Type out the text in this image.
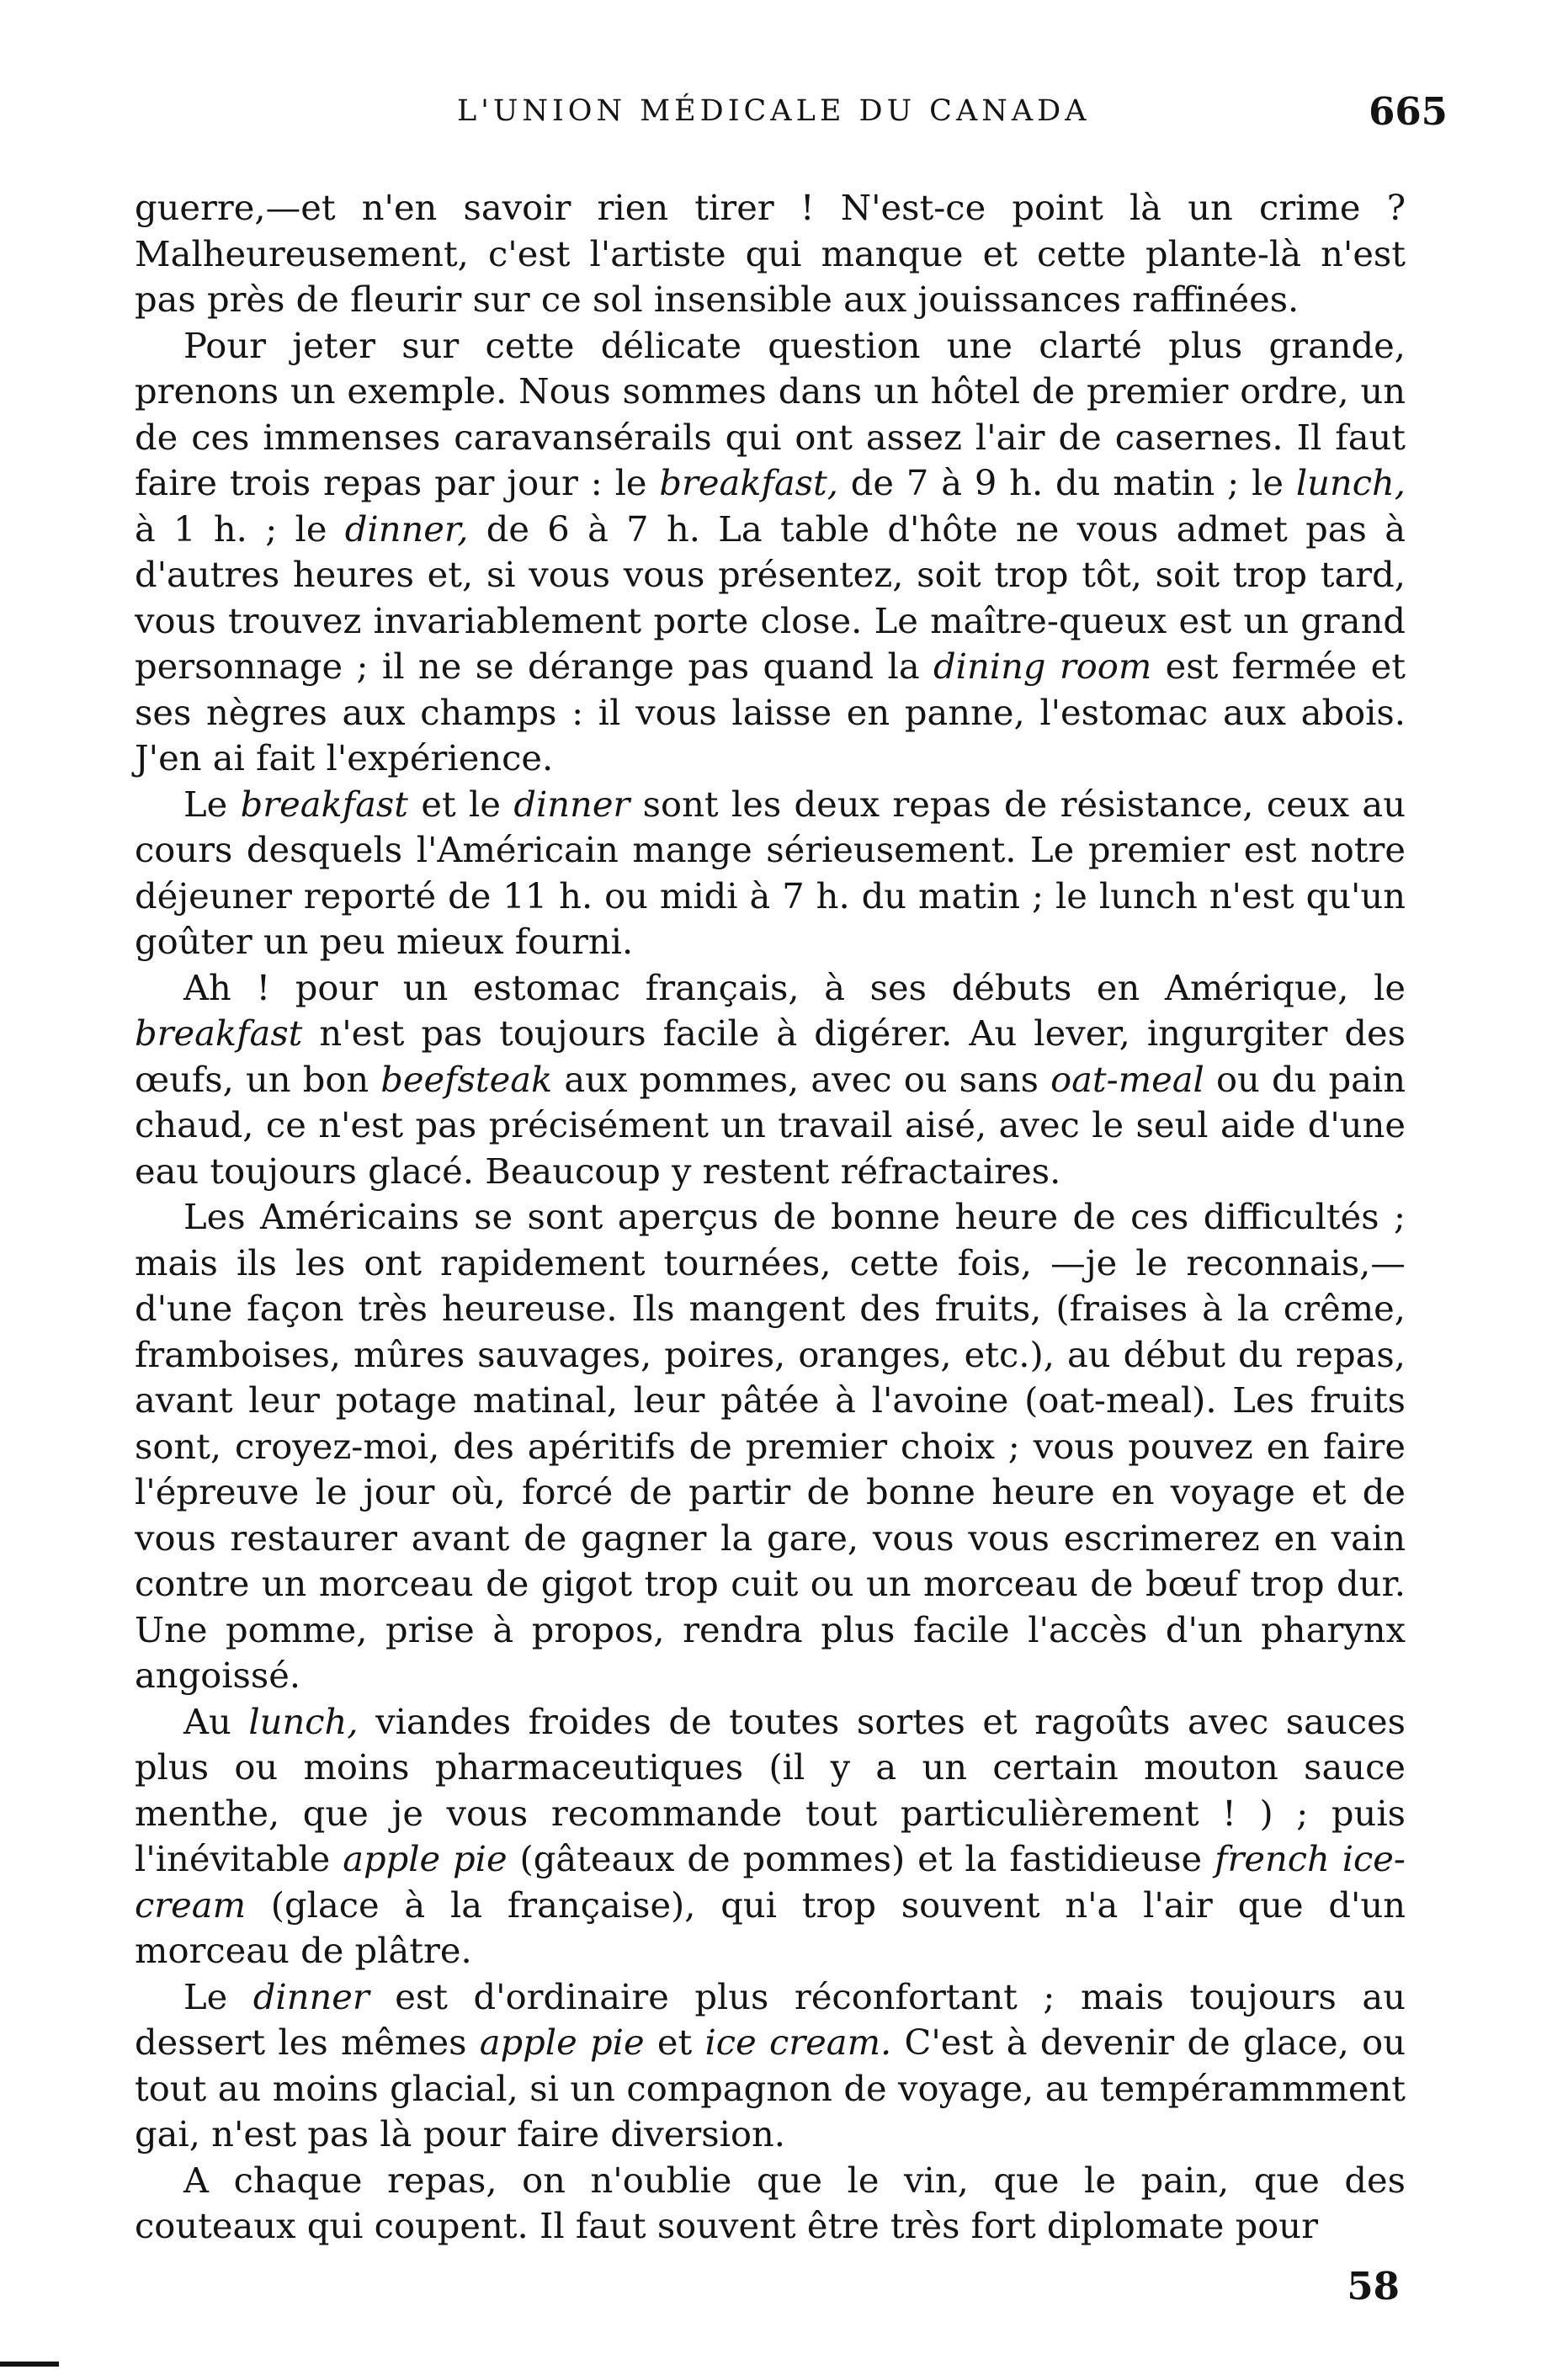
L'UNION MÉDICALE DU CANADA	665

guerre,—et n'en savoir rien tirer ! N'est-ce point là un crime ? Malheureusement, c'est l'artiste qui manque et cette plante-là n'est pas près de fleurir sur ce sol insensible aux jouissances raffinées.

Pour jeter sur cette délicate question une clarté plus grande, prenons un exemple. Nous sommes dans un hôtel de premier ordre, un de ces immenses caravansérails qui ont assez l'air de casernes. Il faut faire trois repas par jour : le breakfast, de 7 à 9 h. du matin ; le lunch, à 1 h. ; le dinner, de 6 à 7 h. La table d'hôte ne vous admet pas à d'autres heures et, si vous vous présentez, soit trop tôt, soit trop tard, vous trouvez invariablement porte close. Le maître-queux est un grand personnage ; il ne se dérange pas quand la dining room est fermée et ses nègres aux champs : il vous laisse en panne, l'estomac aux abois. J'en ai fait l'expérience.

Le breakfast et le dinner sont les deux repas de résistance, ceux au cours desquels l'Américain mange sérieusement. Le premier est notre déjeuner reporté de 11 h. ou midi à 7 h. du matin ; le lunch n'est qu'un goûter un peu mieux fourni.

Ah ! pour un estomac français, à ses débuts en Amérique, le breakfast n'est pas toujours facile à digérer. Au lever, ingurgiter des œufs, un bon beefsteak aux pommes, avec ou sans oat-meal ou du pain chaud, ce n'est pas précisément un travail aisé, avec le seul aide d'une eau toujours glacé. Beaucoup y restent réfractaires.

Les Américains se sont aperçus de bonne heure de ces difficultés ; mais ils les ont rapidement tournées, cette fois, —je le reconnais,—d'une façon très heureuse. Ils mangent des fruits, (fraises à la crême, framboises, mûres sauvages, poires, oranges, etc.), au début du repas, avant leur potage matinal, leur pâtée à l'avoine (oat-meal). Les fruits sont, croyez-moi, des apéritifs de premier choix ; vous pouvez en faire l'épreuve le jour où, forcé de partir de bonne heure en voyage et de vous restaurer avant de gagner la gare, vous vous escrimerez en vain contre un morceau de gigot trop cuit ou un morceau de bœuf trop dur. Une pomme, prise à propos, rendra plus facile l'accès d'un pharynx angoissé.

Au lunch, viandes froides de toutes sortes et ragoûts avec sauces plus ou moins pharmaceutiques (il y a un certain mouton sauce menthe, que je vous recommande tout particulièrement ! ) ; puis l'inévitable apple pie (gâteaux de pommes) et la fastidieuse french ice-cream (glace à la française), qui trop souvent n'a l'air que d'un morceau de plâtre.

Le dinner est d'ordinaire plus réconfortant ; mais toujours au dessert les mêmes apple pie et ice cream. C'est à devenir de glace, ou tout au moins glacial, si un compagnon de voyage, au tempérammment gai, n'est pas là pour faire diversion.

A chaque repas, on n'oublie que le vin, que le pain, que des couteaux qui coupent. Il faut souvent être très fort diplomate pour

58
